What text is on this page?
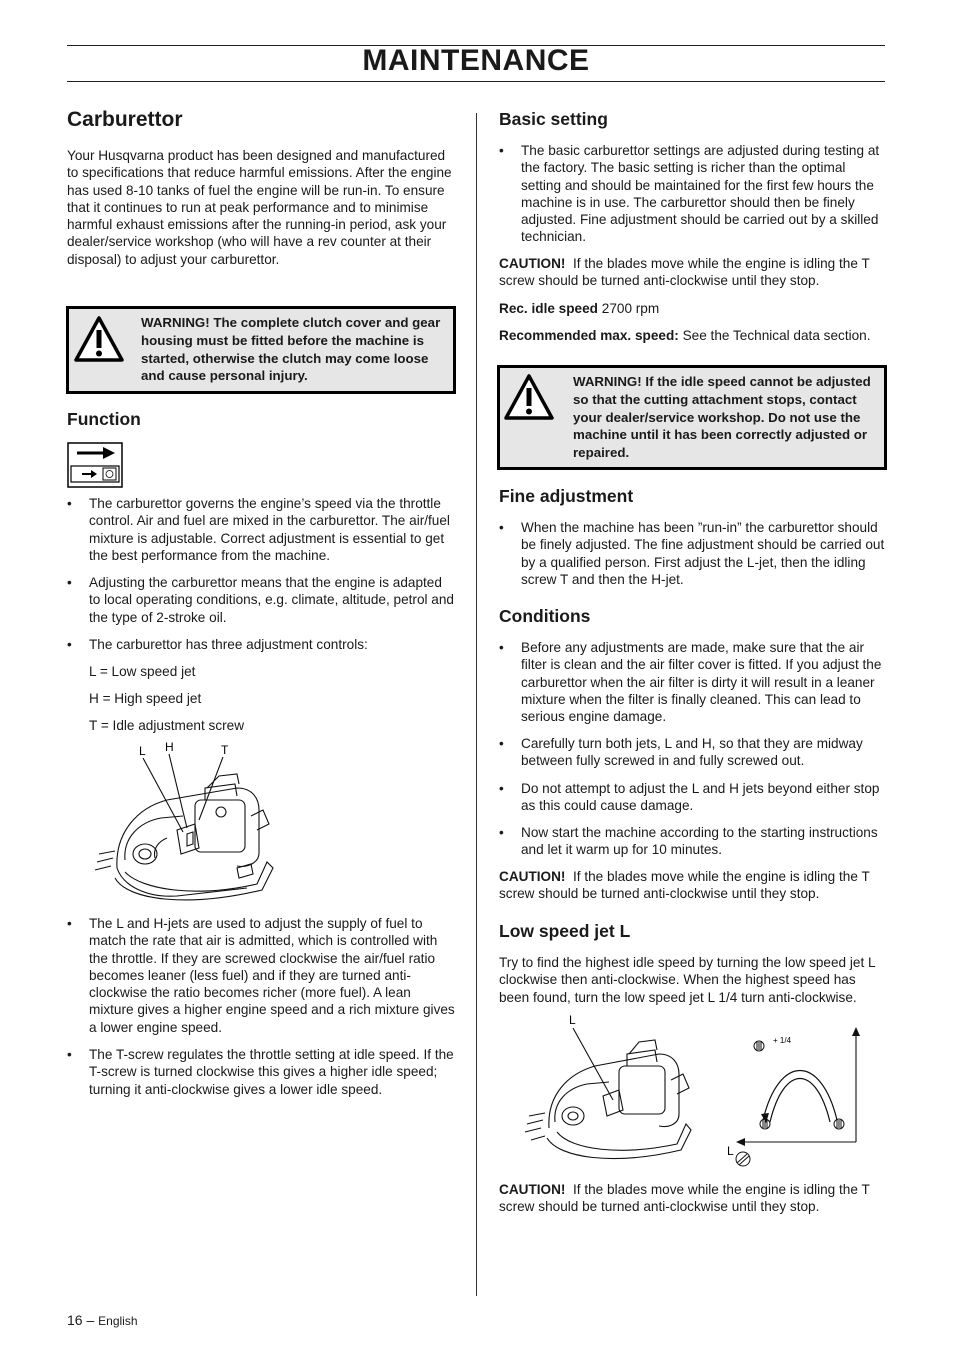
MAINTENANCE
Carburettor

Your Husqvarna product has been designed and manufactured to specifications that reduce harmful emissions. After the engine has used 8-10 tanks of fuel the engine will be run-in. To ensure that it continues to run at peak performance and to minimise harmful exhaust emissions after the running-in period, ask your dealer/service workshop (who will have a rev counter at their disposal) to adjust your carburettor.

WARNING! The complete clutch cover and gear housing must be fitted before the machine is started, otherwise the clutch may come loose and cause personal injury.
Function
•	The carburettor governs the engine’s speed via the throttle control. Air and fuel are mixed in the carburettor. The air/fuel mixture is adjustable. Correct adjustment is essential to get the best performance from the machine.
•	Adjusting the carburettor means that the engine is adapted to local operating conditions, e.g. climate, altitude, petrol and the type of 2-stroke oil.
•	The carburettor has three adjustment controls:

L = Low speed jet

H = High speed jet

T = Idle adjustment screw

L H	T
•	The L and H-jets are used to adjust the supply of fuel to match the rate that air is admitted, which is controlled with the throttle. If they are screwed clockwise the air/fuel ratio becomes leaner (less fuel) and if they are turned anti-clockwise the ratio becomes richer (more fuel). A lean mixture gives a higher engine speed and a rich mixture gives a lower engine speed.
•	The T-screw regulates the throttle setting at idle speed. If the T-screw is turned clockwise this gives a higher idle speed; turning it anti-clockwise gives a lower idle speed.
Basic setting
•	The basic carburettor settings are adjusted during testing at the factory. The basic setting is richer than the optimal setting and should be maintained for the first few hours the machine is in use. The carburettor should then be finely adjusted. Fine adjustment should be carried out by a skilled technician.

CAUTION! If the blades move while the engine is idling the T screw should be turned anti-clockwise until they stop.

Rec. idle speed 2700 rpm

Recommended max. speed: See the Technical data section.

WARNING! If the idle speed cannot be adjusted so that the cutting attachment stops, contact your dealer/service workshop. Do not use the machine until it has been correctly adjusted or repaired.
Fine adjustment
•	When the machine has been ”run-in” the carburettor should be finely adjusted. The fine adjustment should be carried out by a qualified person. First adjust the L-jet, then the idling screw T and then the H-jet.
Conditions
•	Before any adjustments are made, make sure that the air filter is clean and the air filter cover is fitted. If you adjust the carburettor when the air filter is dirty it will result in a leaner mixture when the filter is finally cleaned. This can lead to serious engine damage.
•	Carefully turn both jets, L and H, so that they are midway between fully screwed in and fully screwed out.
•	Do not attempt to adjust the L and H jets beyond either stop as this could cause damage.
•	Now start the machine according to the starting instructions and let it warm up for 10 minutes.

CAUTION! If the blades move while the engine is idling the T screw should be turned anti-clockwise until they stop.

Low speed jet L

Try to find the highest idle speed by turning the low speed jet L clockwise then anti-clockwise. When the highest speed has been found, turn the low speed jet L 1/4 turn anti-clockwise.

L
+ 1/4
L

CAUTION! If the blades move while the engine is idling the T screw should be turned anti-clockwise until they stop.

16 – English
